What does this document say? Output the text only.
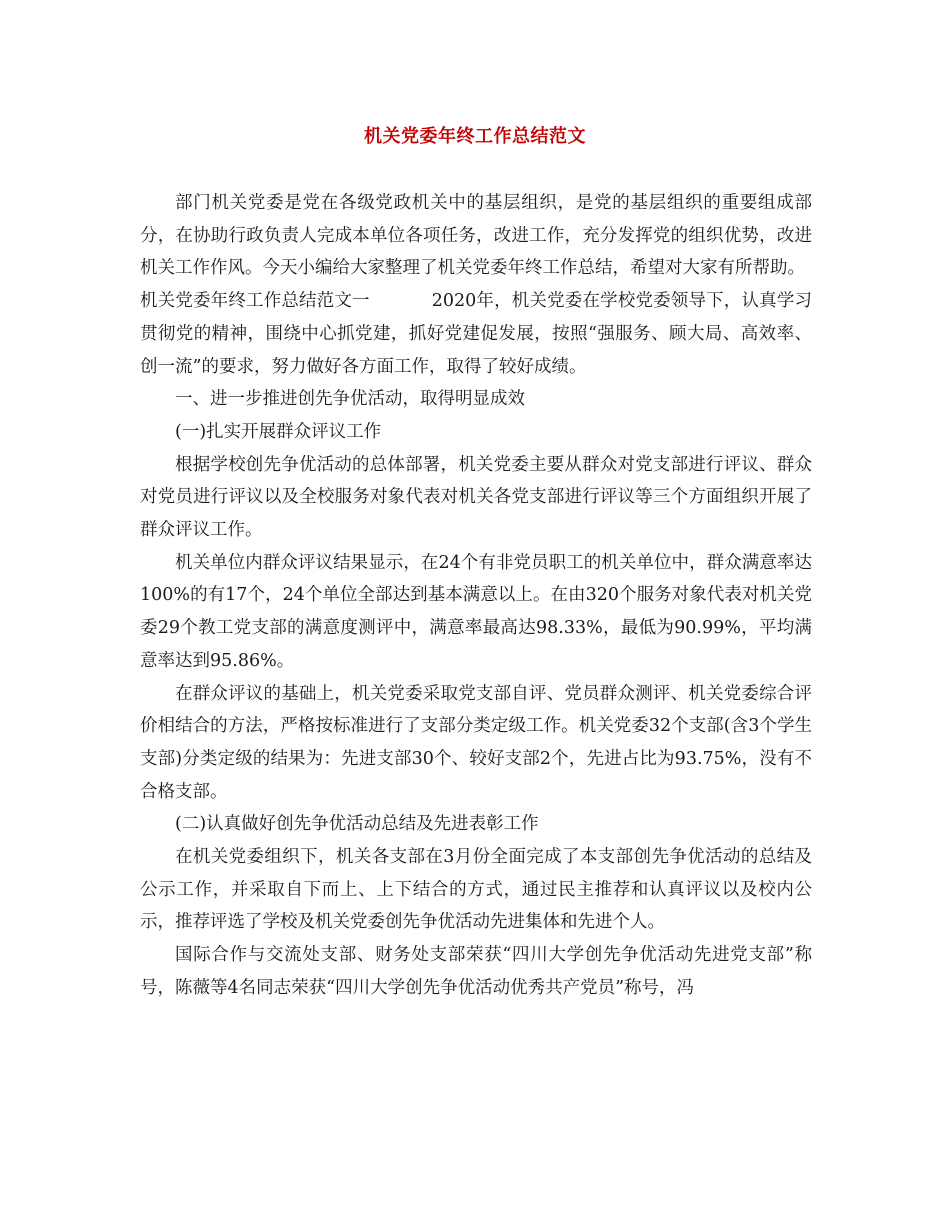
机关党委年终工作总结范文

部门机关党委是党在各级党政机关中的基层组织，是党的基层组织的重要组成部分，在协助行政负责人完成本单位各项任务，改进工作，充分发挥党的组织优势，改进机关工作作风。今天小编给大家整理了机关党委年终工作总结，希望对大家有所帮助。

机关党委年终工作总结范文一	2020年，机关党委在学校党委领导下，认真学习贯彻党的精神，围绕中心抓党建，抓好党建促发展，按照“强服务、顾大局、高效率、创一流”的要求，努力做好各方面工作，取得了较好成绩。

一、进一步推进创先争优活动，取得明显成效

(一)扎实开展群众评议工作

根据学校创先争优活动的总体部署，机关党委主要从群众对党支部进行评议、群众对党员进行评议以及全校服务对象代表对机关各党支部进行评议等三个方面组织开展了群众评议工作。

机关单位内群众评议结果显示，在24个有非党员职工的机关单位中，群众满意率达100%的有17个，24个单位全部达到基本满意以上。在由320个服务对象代表对机关党委29个教工党支部的满意度测评中，满意率最高达98.33%，最低为90.99%，平均满意率达到95.86%。

在群众评议的基础上，机关党委采取党支部自评、党员群众测评、机关党委综合评价相结合的方法，严格按标准进行了支部分类定级工作。机关党委32个支部(含3个学生支部)分类定级的结果为：先进支部30个、较好支部2个，先进占比为93.75%，没有不合格支部。

(二)认真做好创先争优活动总结及先进表彰工作

在机关党委组织下，机关各支部在3月份全面完成了本支部创先争优活动的总结及公示工作，并采取自下而上、上下结合的方式，通过民主推荐和认真评议以及校内公示，推荐评选了学校及机关党委创先争优活动先进集体和先进个人。

国际合作与交流处支部、财务处支部荣获“四川大学创先争优活动先进党支部”称号，陈薇等4名同志荣获“四川大学创先争优活动优秀共产党员”称号，冯
